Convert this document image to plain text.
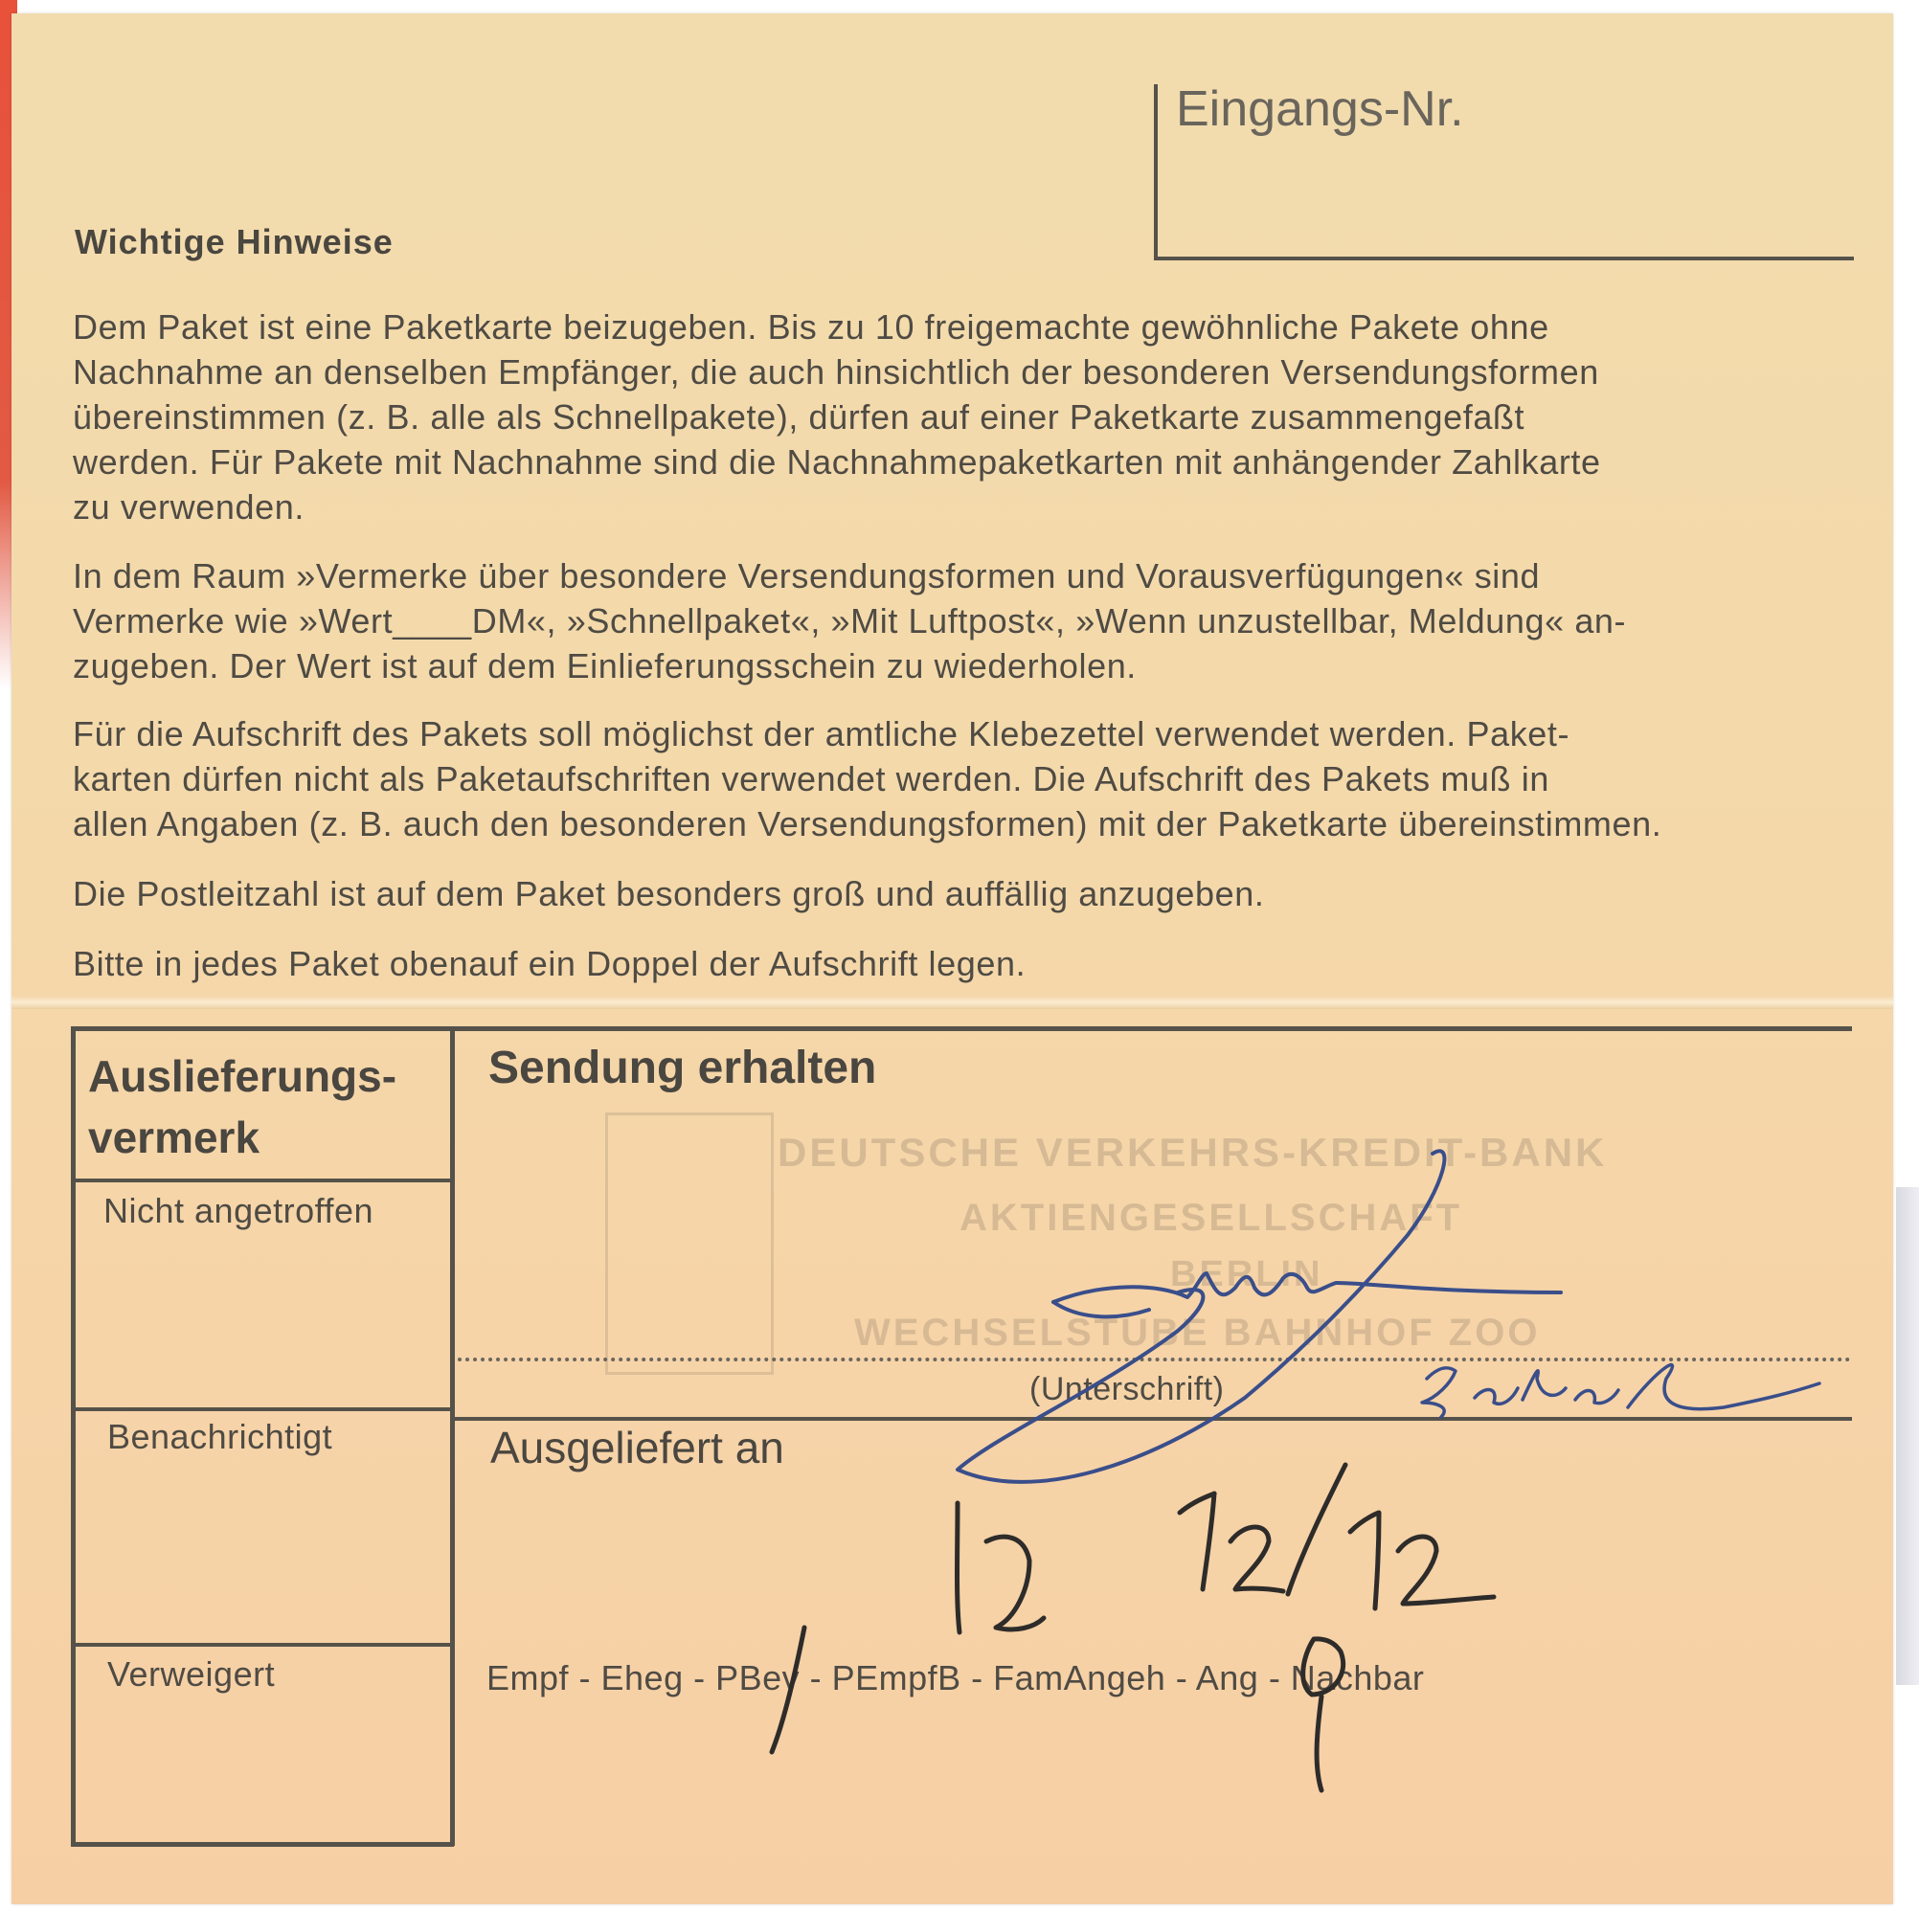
Eingangs-Nr.
Wichtige Hinweise
Dem Paket ist eine Paketkarte beizugeben. Bis zu 10 freigemachte gewöhnliche Pakete ohne
Nachnahme an denselben Empfänger, die auch hinsichtlich der besonderen Versendungsformen
übereinstimmen (z. B. alle als Schnellpakete), dürfen auf einer Paketkarte zusammengefaßt
werden. Für Pakete mit Nachnahme sind die Nachnahmepaketkarten mit anhängender Zahlkarte
zu verwenden.
In dem Raum »Vermerke über besondere Versendungsformen und Vorausverfügungen« sind
Vermerke wie »Wert____DM«, »Schnellpaket«, »Mit Luftpost«, »Wenn unzustellbar, Meldung« an-
zugeben. Der Wert ist auf dem Einlieferungsschein zu wiederholen.
Für die Aufschrift des Pakets soll möglichst der amtliche Klebezettel verwendet werden. Paket-
karten dürfen nicht als Paketaufschriften verwendet werden. Die Aufschrift des Pakets muß in
allen Angaben (z. B. auch den besonderen Versendungsformen) mit der Paketkarte übereinstimmen.
Die Postleitzahl ist auf dem Paket besonders groß und auffällig anzugeben.
Bitte in jedes Paket obenauf ein Doppel der Aufschrift legen.
DEUTSCHE VERKEHRS-KREDIT-BANK
AKTIENGESELLSCHAFT
BERLIN
WECHSELSTUBE BAHNHOF ZOO
Auslieferungs-
vermerk
Nicht angetroffen
Benachrichtigt
Verweigert
Sendung erhalten
(Unterschrift)
Ausgeliefert an
Empf - Eheg - PBev - PEmpfB - FamAngeh - Ang - Nachbar
